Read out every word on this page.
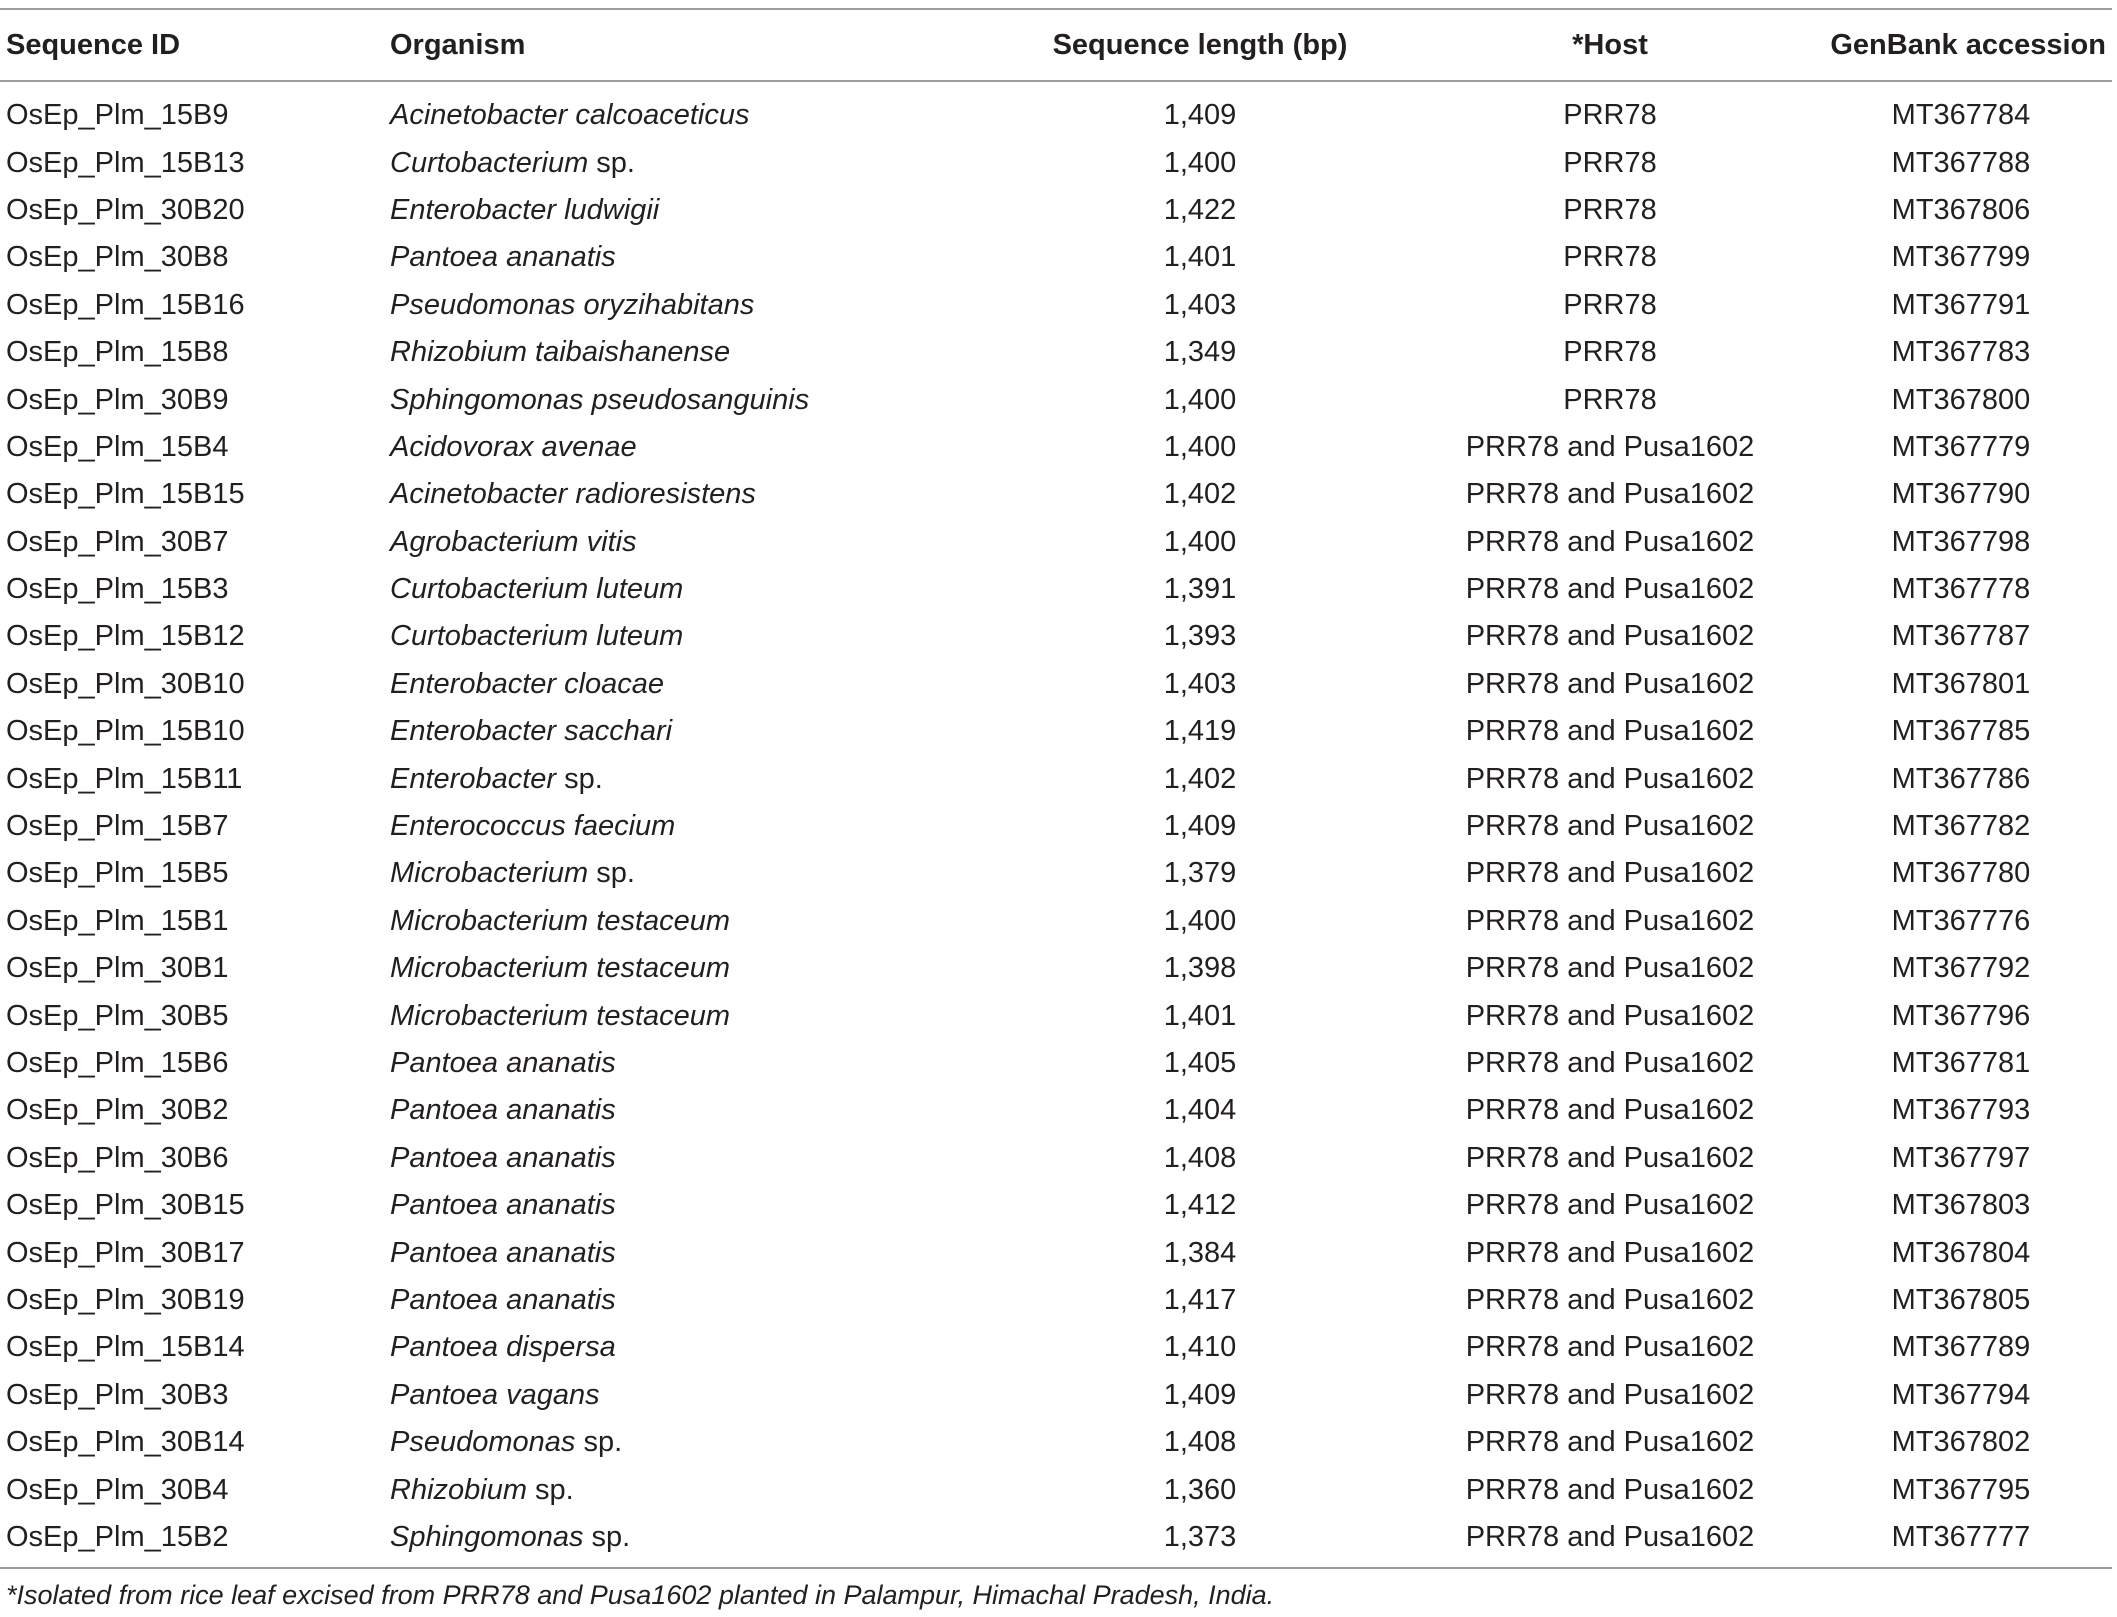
Sequence ID	Organism	Sequence length (bp)	*Host	GenBank accession
OsEp_Plm_15B9	Acinetobacter calcoaceticus	1,409	PRR78	MT367784
OsEp_Plm_15B13	Curtobacterium sp.	1,400	PRR78	MT367788
OsEp_Plm_30B20	Enterobacter ludwigii	1,422	PRR78	MT367806
OsEp_Plm_30B8	Pantoea ananatis	1,401	PRR78	MT367799
OsEp_Plm_15B16	Pseudomonas oryzihabitans	1,403	PRR78	MT367791
OsEp_Plm_15B8	Rhizobium taibaishanense	1,349	PRR78	MT367783
OsEp_Plm_30B9	Sphingomonas pseudosanguinis	1,400	PRR78	MT367800
OsEp_Plm_15B4	Acidovorax avenae	1,400	PRR78 and Pusa1602	MT367779
OsEp_Plm_15B15	Acinetobacter radioresistens	1,402	PRR78 and Pusa1602	MT367790
OsEp_Plm_30B7	Agrobacterium vitis	1,400	PRR78 and Pusa1602	MT367798
OsEp_Plm_15B3	Curtobacterium luteum	1,391	PRR78 and Pusa1602	MT367778
OsEp_Plm_15B12	Curtobacterium luteum	1,393	PRR78 and Pusa1602	MT367787
OsEp_Plm_30B10	Enterobacter cloacae	1,403	PRR78 and Pusa1602	MT367801
OsEp_Plm_15B10	Enterobacter sacchari	1,419	PRR78 and Pusa1602	MT367785
OsEp_Plm_15B11	Enterobacter sp.	1,402	PRR78 and Pusa1602	MT367786
OsEp_Plm_15B7	Enterococcus faecium	1,409	PRR78 and Pusa1602	MT367782
OsEp_Plm_15B5	Microbacterium sp.	1,379	PRR78 and Pusa1602	MT367780
OsEp_Plm_15B1	Microbacterium testaceum	1,400	PRR78 and Pusa1602	MT367776
OsEp_Plm_30B1	Microbacterium testaceum	1,398	PRR78 and Pusa1602	MT367792
OsEp_Plm_30B5	Microbacterium testaceum	1,401	PRR78 and Pusa1602	MT367796
OsEp_Plm_15B6	Pantoea ananatis	1,405	PRR78 and Pusa1602	MT367781
OsEp_Plm_30B2	Pantoea ananatis	1,404	PRR78 and Pusa1602	MT367793
OsEp_Plm_30B6	Pantoea ananatis	1,408	PRR78 and Pusa1602	MT367797
OsEp_Plm_30B15	Pantoea ananatis	1,412	PRR78 and Pusa1602	MT367803
OsEp_Plm_30B17	Pantoea ananatis	1,384	PRR78 and Pusa1602	MT367804
OsEp_Plm_30B19	Pantoea ananatis	1,417	PRR78 and Pusa1602	MT367805
OsEp_Plm_15B14	Pantoea dispersa	1,410	PRR78 and Pusa1602	MT367789
OsEp_Plm_30B3	Pantoea vagans	1,409	PRR78 and Pusa1602	MT367794
OsEp_Plm_30B14	Pseudomonas sp.	1,408	PRR78 and Pusa1602	MT367802
OsEp_Plm_30B4	Rhizobium sp.	1,360	PRR78 and Pusa1602	MT367795
OsEp_Plm_15B2	Sphingomonas sp.	1,373	PRR78 and Pusa1602	MT367777

*Isolated from rice leaf excised from PRR78 and Pusa1602 planted in Palampur, Himachal Pradesh, India.
